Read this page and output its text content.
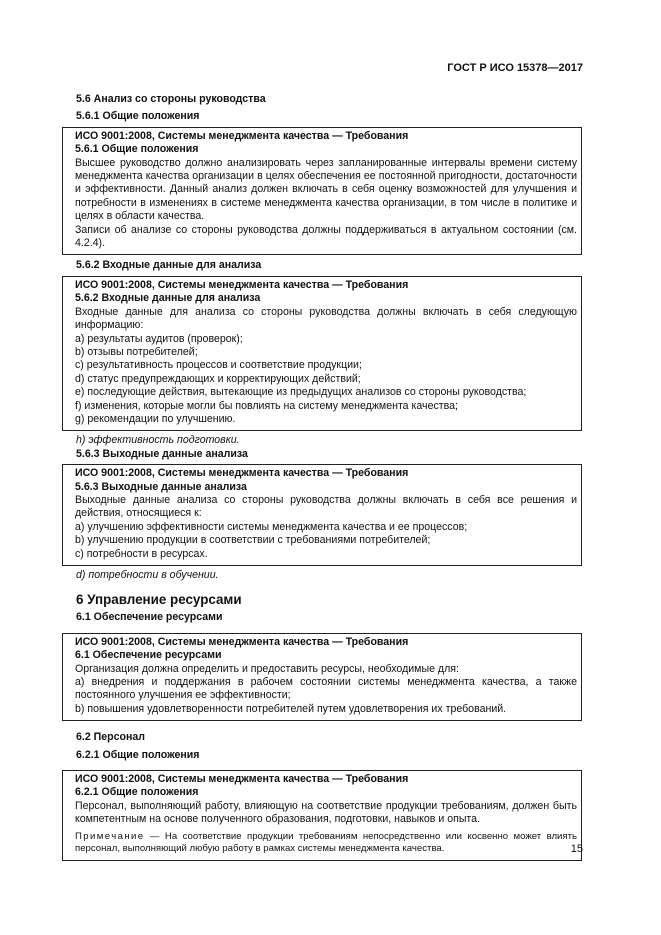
ГОСТ Р ИСО 15378—2017
5.6 Анализ со стороны руководства
5.6.1 Общие положения
ИСО 9001:2008, Системы менеджмента качества — Требования
5.6.1 Общие положения
Высшее руководство должно анализировать через запланированные интервалы времени систему менеджмента качества организации в целях обеспечения ее постоянной пригодности, достаточности и эффективности. Данный анализ должен включать в себя оценку возможностей для улучшения и потребности в изменениях в системе менеджмента качества организации, в том числе в политике и целях в области качества.
Записи об анализе со стороны руководства должны поддерживаться в актуальном состоянии (см. 4.2.4).
5.6.2 Входные данные для анализа
ИСО 9001:2008, Системы менеджмента качества — Требования
5.6.2 Входные данные для анализа
Входные данные для анализа со стороны руководства должны включать в себя следующую информацию:
a) результаты аудитов (проверок);
b) отзывы потребителей;
c) результативность процессов и соответствие продукции;
d) статус предупреждающих и корректирующих действий;
e) последующие действия, вытекающие из предыдущих анализов со стороны руководства;
f) изменения, которые могли бы повлиять на систему менеджмента качества;
g) рекомендации по улучшению.
h) эффективность подготовки.
5.6.3 Выходные данные анализа
ИСО 9001:2008, Системы менеджмента качества — Требования
5.6.3 Выходные данные анализа
Выходные данные анализа со стороны руководства должны включать в себя все решения и действия, относящиеся к:
a) улучшению эффективности системы менеджмента качества и ее процессов;
b) улучшению продукции в соответствии с требованиями потребителей;
c) потребности в ресурсах.
d) потребности в обучении.
6 Управление ресурсами
6.1 Обеспечение ресурсами
ИСО 9001:2008, Системы менеджмента качества — Требования
6.1 Обеспечение ресурсами
Организация должна определить и предоставить ресурсы, необходимые для:
a) внедрения и поддержания в рабочем состоянии системы менеджмента качества, а также постоянного улучшения ее эффективности;
b) повышения удовлетворенности потребителей путем удовлетворения их требований.
6.2 Персонал
6.2.1 Общие положения
ИСО 9001:2008, Системы менеджмента качества — Требования
6.2.1 Общие положения
Персонал, выполняющий работу, влияющую на соответствие продукции требованиям, должен быть компетентным на основе полученного образования, подготовки, навыков и опыта.
Примечание — На соответствие продукции требованиям непосредственно или косвенно может влиять персонал, выполняющий любую работу в рамках системы менеджмента качества.	15
